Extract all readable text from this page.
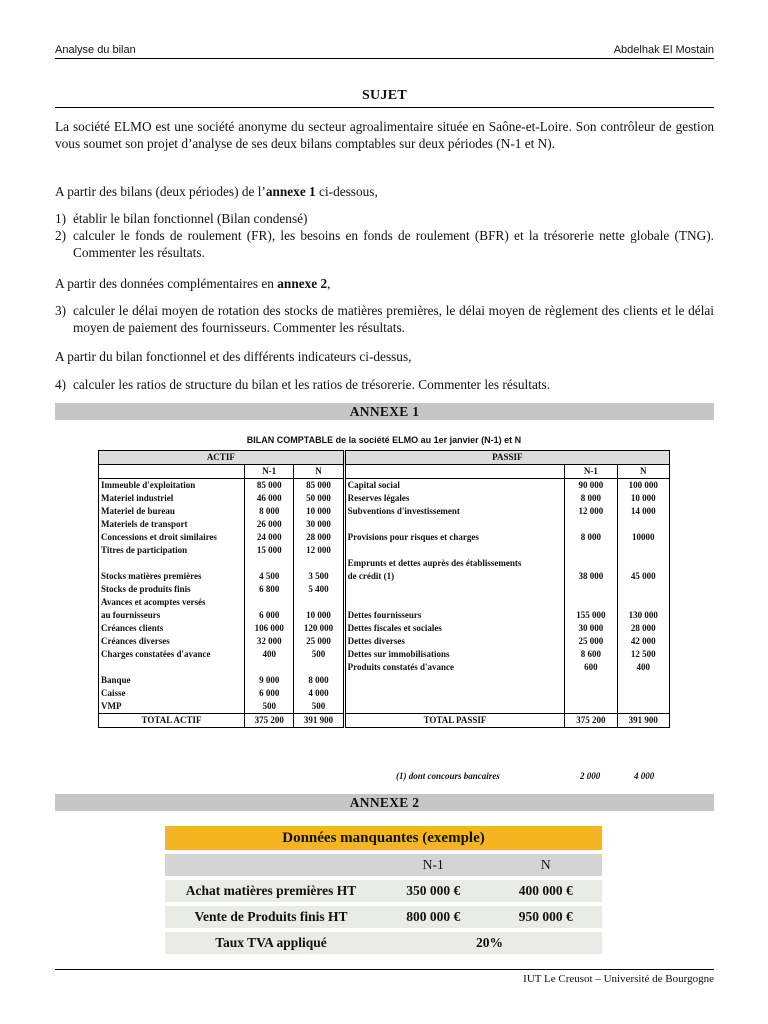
Analyse du bilan	Abdelhak El Mostain
SUJET
La société ELMO est une société anonyme du secteur agroalimentaire située en Saône-et-Loire. Son contrôleur de gestion vous soumet son projet d’analyse de ses deux bilans comptables sur deux périodes (N-1 et N).
A partir des bilans (deux périodes) de l’annexe 1 ci-dessous,
1) établir le bilan fonctionnel (Bilan condensé)
2) calculer le fonds de roulement (FR), les besoins en fonds de roulement (BFR) et la trésorerie nette globale (TNG). Commenter les résultats.
A partir des données complémentaires en annexe 2,
3) calculer le délai moyen de rotation des stocks de matières premières, le délai moyen de règlement des clients et le délai moyen de paiement des fournisseurs. Commenter les résultats.
A partir du bilan fonctionnel et des différents indicateurs ci-dessus,
4) calculer les ratios de structure du bilan et les ratios de trésorerie. Commenter les résultats.
ANNEXE 1
BILAN COMPTABLE de la société ELMO au 1er janvier (N-1) et N
ACTIF			PASSIF		
	N-1	N		N-1	N
Immeuble d'exploitation	85 000	85 000	Capital social	90 000	100 000
Materiel industriel	46 000	50 000	Reserves légales	8 000	10 000
Materiel de bureau	8 000	10 000	Subventions d'investissement	12 000	14 000
Materiels de transport	26 000	30 000			

Concessions et droit similaires	24 000	28 000	Provisions pour risques et charges	8 000	10000

Titres de participation	15 000	12 000			
			Emprunts et dettes auprès des établissements		
Stocks matières premières	4 500	3 500	de crédit (1)	38 000	45 000
Stocks de produits finis	6 800	5 400			

Avances et acomptes versés					
au fournisseurs	6 000	10 000	Dettes fournisseurs	155 000	130 000
Créances clients	106 000	120 000	Dettes fiscales et sociales	30 000	28 000
Créances diverses	32 000	25 000	Dettes diverses	25 000	42 000
Charges constatées d'avance	400	500	Dettes sur immobilisations	8 600	12 500
			Produits constatés d'avance	600	400
Banque	9 000	8 000			
Caisse	6 000	4 000			
VMP	500	500			

TOTAL ACTIF	375 200	391 900	TOTAL PASSIF	375 200	391 900
(1) dont concours bancaires	2 000	4 000
ANNEXE 2
Données manquantes (exemple)		
	N-1	N
Achat matières premières HT	350 000 €	400 000 €
Vente de Produits finis HT	800 000 €	950 000 €
Taux TVA appliqué	20%	
IUT Le Creusot – Université de Bourgogne
